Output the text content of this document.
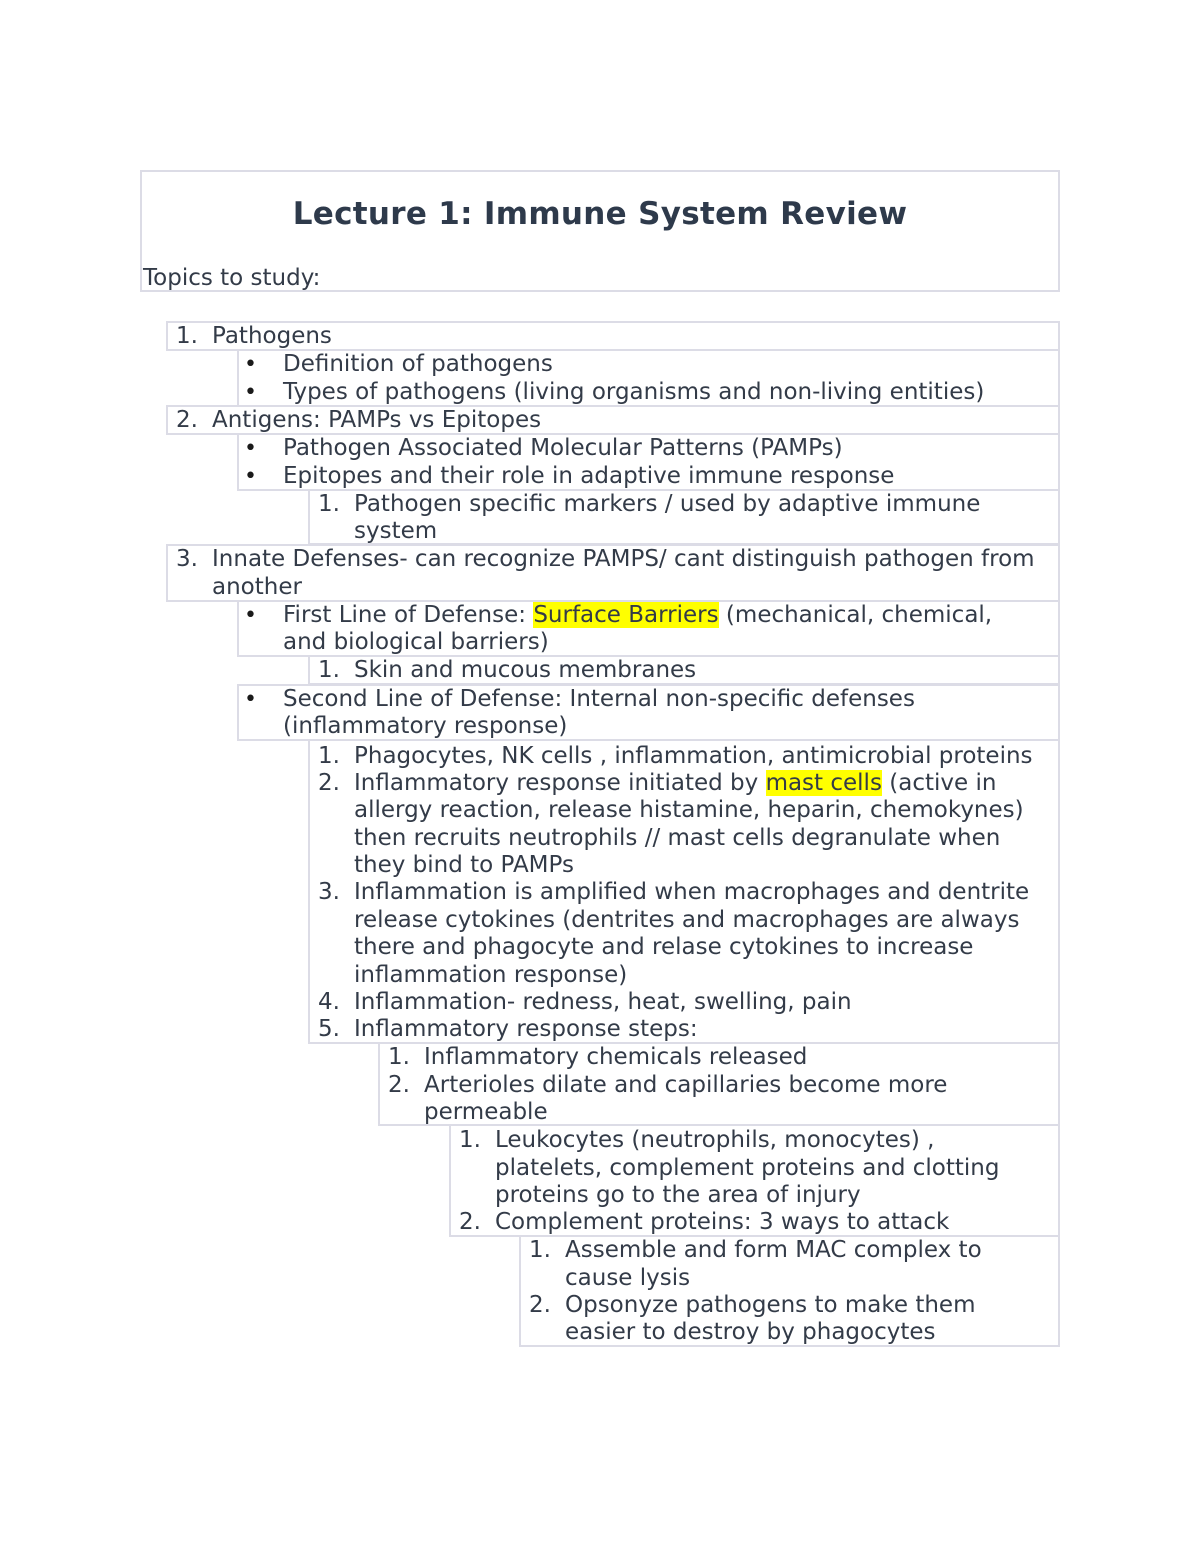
Lecture 1: Immune System Review
Topics to study:
1. Pathogens
• Definition of pathogens
• Types of pathogens (living organisms and non-living entities)
2. Antigens: PAMPs vs Epitopes
• Pathogen Associated Molecular Patterns (PAMPs)
• Epitopes and their role in adaptive immune response
1. Pathogen specific markers / used by adaptive immune
system
3. Innate Defenses- can recognize PAMPS/ cant distinguish pathogen from
another
• First Line of Defense: Surface Barriers (mechanical, chemical,
and biological barriers)
1. Skin and mucous membranes
• Second Line of Defense: Internal non-specific defenses
(inflammatory response)
1. Phagocytes, NK cells , inflammation, antimicrobial proteins
2. Inflammatory response initiated by mast cells (active in
allergy reaction, release histamine, heparin, chemokynes)
then recruits neutrophils // mast cells degranulate when
they bind to PAMPs
3. Inflammation is amplified when macrophages and dentrite
release cytokines (dentrites and macrophages are always
there and phagocyte and relase cytokines to increase
inflammation response)
4. Inflammation- redness, heat, swelling, pain
5. Inflammatory response steps:
1. Inflammatory chemicals released
2. Arterioles dilate and capillaries become more
permeable
1. Leukocytes (neutrophils, monocytes) ,
platelets, complement proteins and clotting
proteins go to the area of injury
2. Complement proteins: 3 ways to attack
1. Assemble and form MAC complex to
cause lysis
2. Opsonyze pathogens to make them
easier to destroy by phagocytes
